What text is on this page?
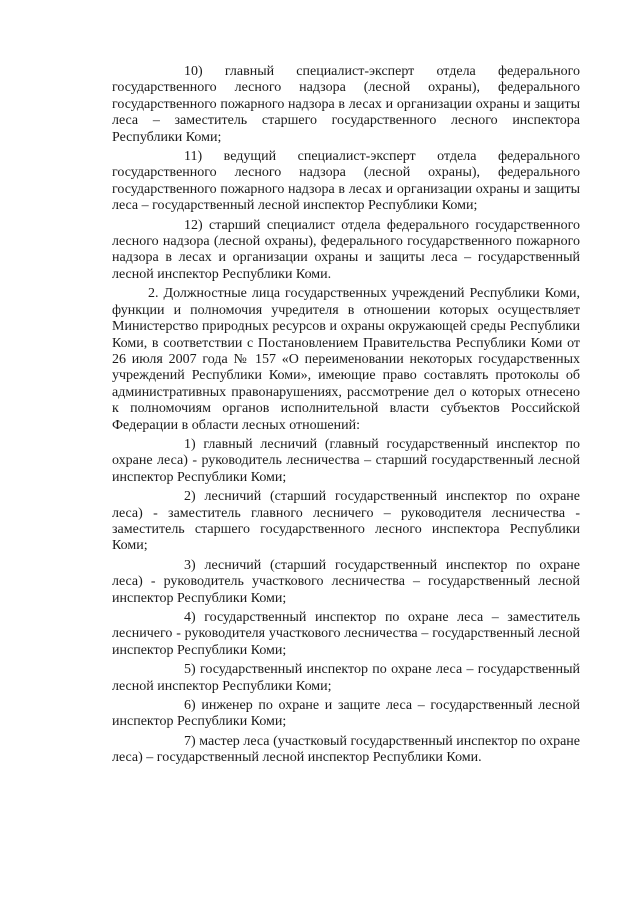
10) главный специалист-эксперт отдела федерального государственного лесного надзора (лесной охраны), федерального государственного пожарного надзора в лесах и организации охраны и защиты леса – заместитель старшего государственного лесного инспектора Республики Коми;

11) ведущий специалист-эксперт отдела федерального государственного лесного надзора (лесной охраны), федерального государственного пожарного надзора в лесах и организации охраны и защиты леса – государственный лесной инспектор Республики Коми;

12) старший специалист отдела федерального государственного лесного надзора (лесной охраны), федерального государственного пожарного надзора в лесах и организации охраны и защиты леса – государственный лесной инспектор Республики Коми.

2. Должностные лица государственных учреждений Республики Коми, функции и полномочия учредителя в отношении которых осуществляет Министерство природных ресурсов и охраны окружающей среды Республики Коми, в соответствии с Постановлением Правительства Республики Коми от 26 июля 2007 года № 157 «О переименовании некоторых государственных учреждений Республики Коми», имеющие право составлять протоколы об административных правонарушениях, рассмотрение дел о которых отнесено к полномочиям органов исполнительной власти субъектов Российской Федерации в области лесных отношений:

1) главный лесничий (главный государственный инспектор по охране леса) - руководитель лесничества – старший государственный лесной инспектор Республики Коми;

2) лесничий (старший государственный инспектор по охране леса) - заместитель главного лесничего – руководителя лесничества - заместитель старшего государственного лесного инспектора Республики Коми;

3) лесничий (старший государственный инспектор по охране леса) - руководитель участкового лесничества – государственный лесной инспектор Республики Коми;

4) государственный инспектор по охране леса – заместитель лесничего - руководителя участкового лесничества – государственный лесной инспектор Республики Коми;

5) государственный инспектор по охране леса – государственный лесной инспектор Республики Коми;

6) инженер по охране и защите леса – государственный лесной инспектор Республики Коми;

7) мастер леса (участковый государственный инспектор по охране леса) – государственный лесной инспектор Республики Коми.
